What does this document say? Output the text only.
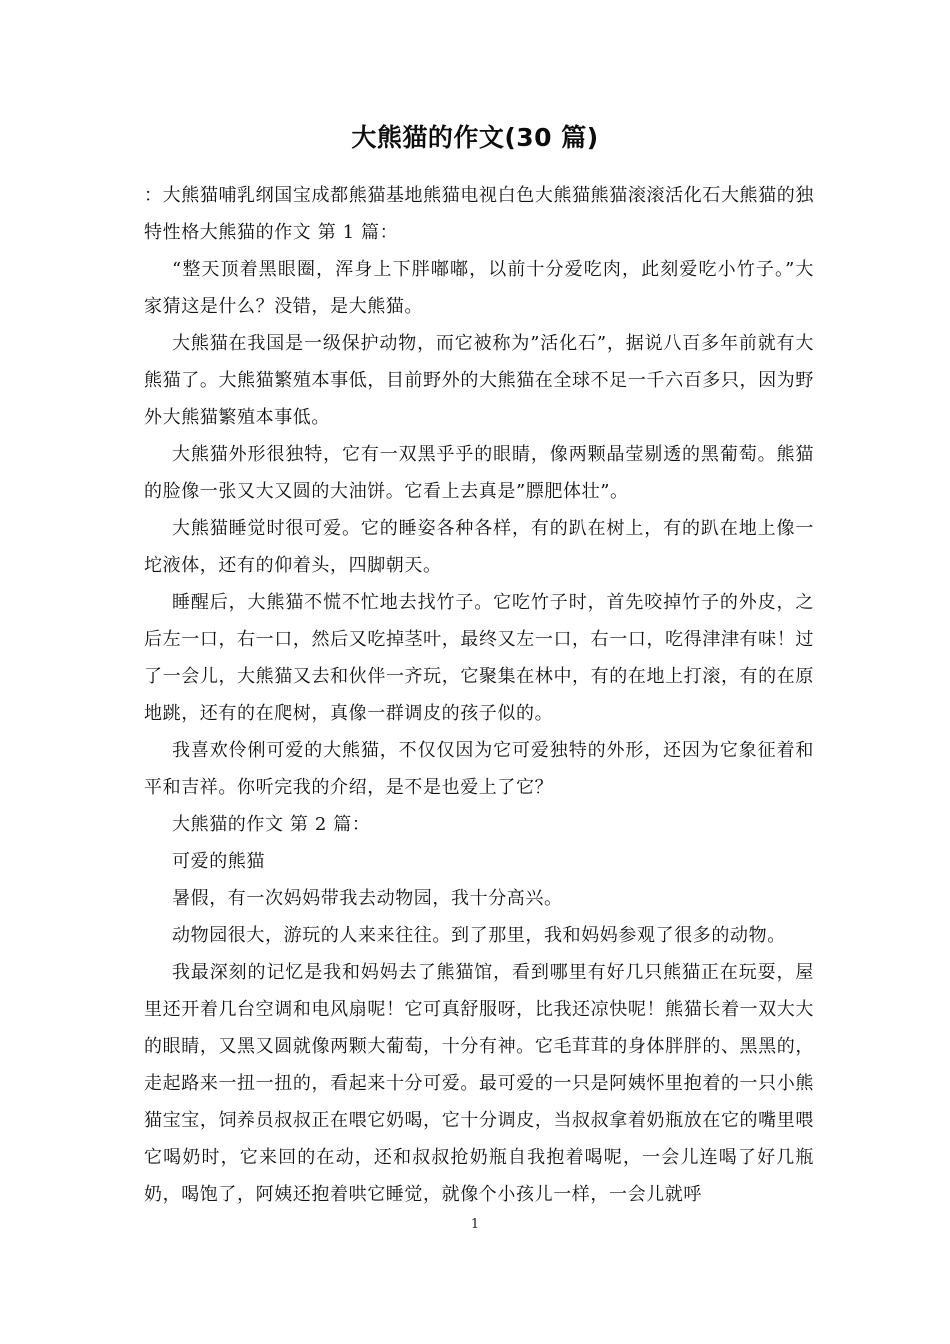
大熊猫的作文(30 篇)

：大熊猫哺乳纲国宝成都熊猫基地熊猫电视白色大熊猫熊猫滚滚活化石大熊猫的独特性格大熊猫的作文 第 1 篇：

“整天顶着黑眼圈，浑身上下胖嘟嘟，以前十分爱吃肉，此刻爱吃小竹子。”大家猜这是什么？没错，是大熊猫。

大熊猫在我国是一级保护动物，而它被称为”活化石”，据说八百多年前就有大熊猫了。大熊猫繁殖本事低，目前野外的大熊猫在全球不足一千六百多只，因为野外大熊猫繁殖本事低。

大熊猫外形很独特，它有一双黑乎乎的眼睛，像两颗晶莹剔透的黑葡萄。熊猫的脸像一张又大又圆的大油饼。它看上去真是”膘肥体壮”。

大熊猫睡觉时很可爱。它的睡姿各种各样，有的趴在树上，有的趴在地上像一坨液体，还有的仰着头，四脚朝天。

睡醒后，大熊猫不慌不忙地去找竹子。它吃竹子时，首先咬掉竹子的外皮，之后左一口，右一口，然后又吃掉茎叶，最终又左一口，右一口，吃得津津有味！过了一会儿，大熊猫又去和伙伴一齐玩，它聚集在林中，有的在地上打滚，有的在原地跳，还有的在爬树，真像一群调皮的孩子似的。

我喜欢伶俐可爱的大熊猫，不仅仅因为它可爱独特的外形，还因为它象征着和平和吉祥。你听完我的介绍，是不是也爱上了它？

大熊猫的作文 第 2 篇：

可爱的熊猫

暑假，有一次妈妈带我去动物园，我十分高兴。

动物园很大，游玩的人来来往往。到了那里，我和妈妈参观了很多的动物。

我最深刻的记忆是我和妈妈去了熊猫馆，看到哪里有好几只熊猫正在玩耍，屋里还开着几台空调和电风扇呢！它可真舒服呀，比我还凉快呢！熊猫长着一双大大的眼睛，又黑又圆就像两颗大葡萄，十分有神。它毛茸茸的身体胖胖的、黑黑的，走起路来一扭一扭的，看起来十分可爱。最可爱的一只是阿姨怀里抱着的一只小熊猫宝宝，饲养员叔叔正在喂它奶喝，它十分调皮，当叔叔拿着奶瓶放在它的嘴里喂它喝奶时，它来回的在动，还和叔叔抢奶瓶自我抱着喝呢，一会儿连喝了好几瓶奶，喝饱了，阿姨还抱着哄它睡觉，就像个小孩儿一样，一会儿就呼

1
